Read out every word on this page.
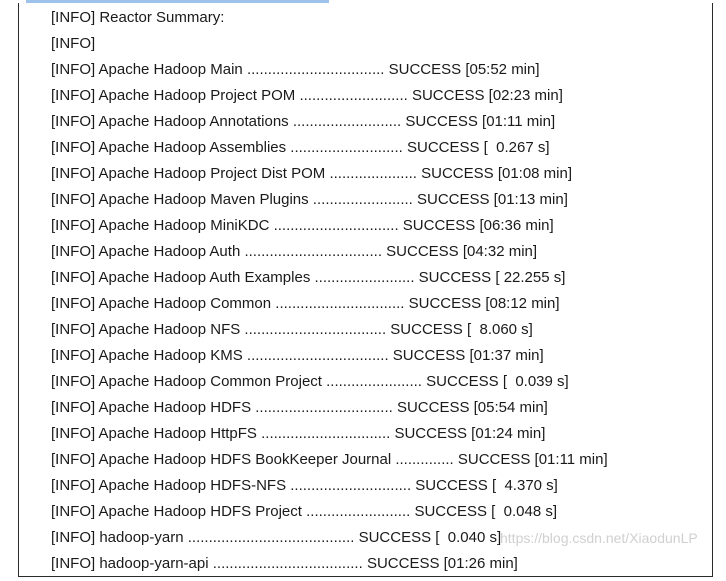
[INFO] Reactor Summary:
[INFO]
[INFO] Apache Hadoop Main ................................. SUCCESS [05:52 min]
[INFO] Apache Hadoop Project POM .......................... SUCCESS [02:23 min]
[INFO] Apache Hadoop Annotations .......................... SUCCESS [01:11 min]
[INFO] Apache Hadoop Assemblies ........................... SUCCESS [  0.267 s]
[INFO] Apache Hadoop Project Dist POM ..................... SUCCESS [01:08 min]
[INFO] Apache Hadoop Maven Plugins ........................ SUCCESS [01:13 min]
[INFO] Apache Hadoop MiniKDC .............................. SUCCESS [06:36 min]
[INFO] Apache Hadoop Auth ................................. SUCCESS [04:32 min]
[INFO] Apache Hadoop Auth Examples ........................ SUCCESS [ 22.255 s]
[INFO] Apache Hadoop Common ............................... SUCCESS [08:12 min]
[INFO] Apache Hadoop NFS .................................. SUCCESS [  8.060 s]
[INFO] Apache Hadoop KMS .................................. SUCCESS [01:37 min]
[INFO] Apache Hadoop Common Project ....................... SUCCESS [  0.039 s]
[INFO] Apache Hadoop HDFS ................................. SUCCESS [05:54 min]
[INFO] Apache Hadoop HttpFS ............................... SUCCESS [01:24 min]
[INFO] Apache Hadoop HDFS BookKeeper Journal .............. SUCCESS [01:11 min]
[INFO] Apache Hadoop HDFS-NFS ............................. SUCCESS [  4.370 s]
[INFO] Apache Hadoop HDFS Project ......................... SUCCESS [  0.048 s]
[INFO] hadoop-yarn ........................................ SUCCESS [  0.040 s]
[INFO] hadoop-yarn-api .................................... SUCCESS [01:26 min]
https://blog.csdn.net/XiaodunLP
